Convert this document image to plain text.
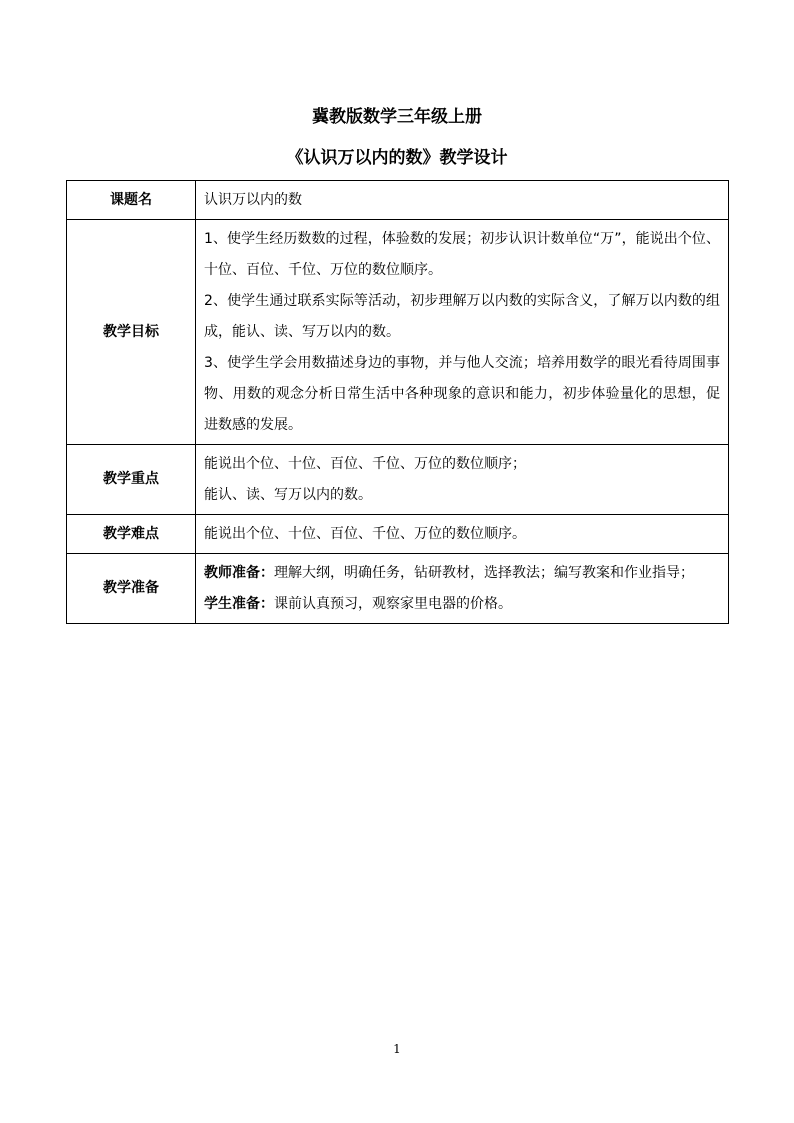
冀教版数学三年级上册
《认识万以内的数》教学设计
课题名	认识万以内的数

教学目标	1、使学生经历数数的过程，体验数的发展；初步认识计数单位“万”，能说出个位、十位、百位、千位、万位的数位顺序。

2、使学生通过联系实际等活动，初步理解万以内数的实际含义，了解万以内数的组成，能认、读、写万以内的数。

3、使学生学会用数描述身边的事物，并与他人交流；培养用数学的眼光看待周围事物、用数的观念分析日常生活中各种现象的意识和能力，初步体验量化的思想，促进数感的发展。

教学重点	能说出个位、十位、百位、千位、万位的数位顺序；

能认、读、写万以内的数。

教学难点	能说出个位、十位、百位、千位、万位的数位顺序。

教学准备	教师准备：理解大纲，明确任务，钻研教材，选择教法；编写教案和作业指导；

学生准备：课前认真预习，观察家里电器的价格。

1
